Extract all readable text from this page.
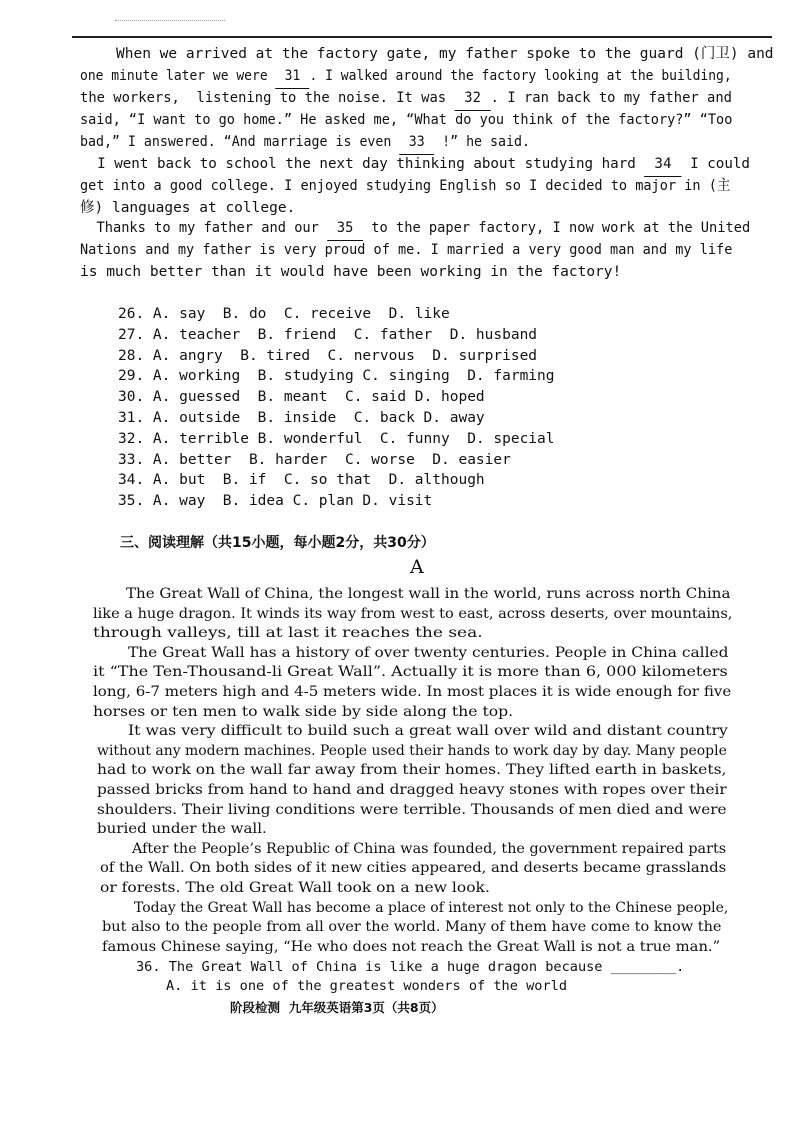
When we arrived at the factory gate, my father spoke to the guard (门卫) and
one minute later we were 31 . I walked around the factory looking at the building,
the workers,  listening to the noise. It was 32 . I ran back to my father and
said, “I want to go home.” He asked me, “What do you think of the factory?” “Too
bad,” I answered. “And marriage is even 33 !” he said.
I went back to school the next day thinking about studying hard 34 I could
get into a good college. I enjoyed studying English so I decided to major in (主
修) languages at college.
Thanks to my father and our 35 to the paper factory, I now work at the United
Nations and my father is very proud of me. I married a very good man and my life
is much better than it would have been working in the factory!
26. A. say  B. do  C. receive  D. like
27. A. teacher  B. friend  C. father  D. husband
28. A. angry  B. tired  C. nervous  D. surprised
29. A. working  B. studying C. singing  D. farming
30. A. guessed  B. meant  C. said D. hoped
31. A. outside  B. inside  C. back D. away
32. A. terrible B. wonderful  C. funny  D. special
33. A. better  B. harder  C. worse  D. easier
34. A. but  B. if  C. so that  D. although
35. A. way  B. idea C. plan D. visit
三、阅读理解（共15小题，每小题2分，共30分）
A
The Great Wall of China, the longest wall in the world, runs across north China
like a huge dragon. It winds its way from west to east, across deserts, over mountains,
through valleys, till at last it reaches the sea.
The Great Wall has a history of over twenty centuries. People in China called
it “The Ten-Thousand-li Great Wall”. Actually it is more than 6, 000 kilometers
long, 6-7 meters high and 4-5 meters wide. In most places it is wide enough for five
horses or ten men to walk side by side along the top.
It was very difficult to build such a great wall over wild and distant country
without any modern machines. People used their hands to work day by day. Many people
had to work on the wall far away from their homes. They lifted earth in baskets,
passed bricks from hand to hand and dragged heavy stones with ropes over their
shoulders. Their living conditions were terrible. Thousands of men died and were
buried under the wall.
After the People’s Republic of China was founded, the government repaired parts
of the Wall. On both sides of it new cities appeared, and deserts became grasslands
or forests. The old Great Wall took on a new look.
Today the Great Wall has become a place of interest not only to the Chinese people,
but also to the people from all over the world. Many of them have come to know the
famous Chinese saying, “He who does not reach the Great Wall is not a true man.”
36. The Great Wall of China is like a huge dragon because ________.
A. it is one of the greatest wonders of the world
阶段检测  九年级英语第3页（共8页）
